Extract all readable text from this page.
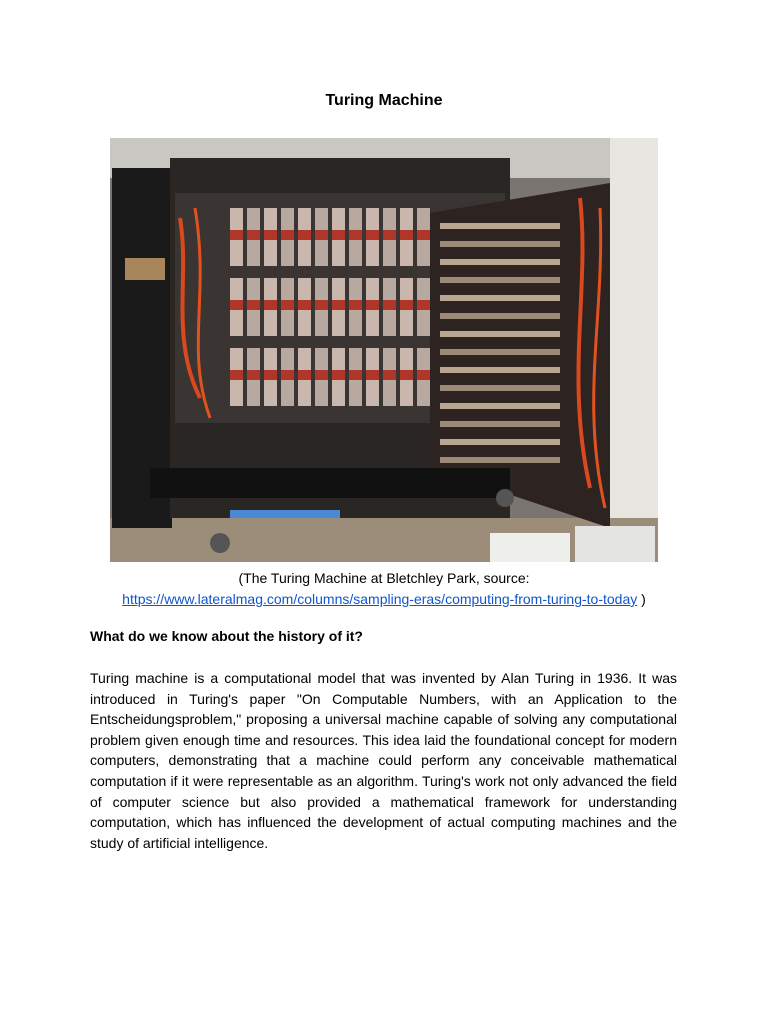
Turing Machine
(The Turing Machine at Bletchley Park, source:
https://www.lateralmag.com/columns/sampling-eras/computing-from-turing-to-today )
What do we know about the history of it?
Turing machine is a computational model that was invented by Alan Turing in 1936. It was introduced in Turing's paper "On Computable Numbers, with an Application to the Entscheidungsproblem," proposing a universal machine capable of solving any computational problem given enough time and resources. This idea laid the foundational concept for modern computers, demonstrating that a machine could perform any conceivable mathematical computation if it were representable as an algorithm. Turing's work not only advanced the field of computer science but also provided a mathematical framework for understanding computation, which has influenced the development of actual computing machines and the study of artificial intelligence.
